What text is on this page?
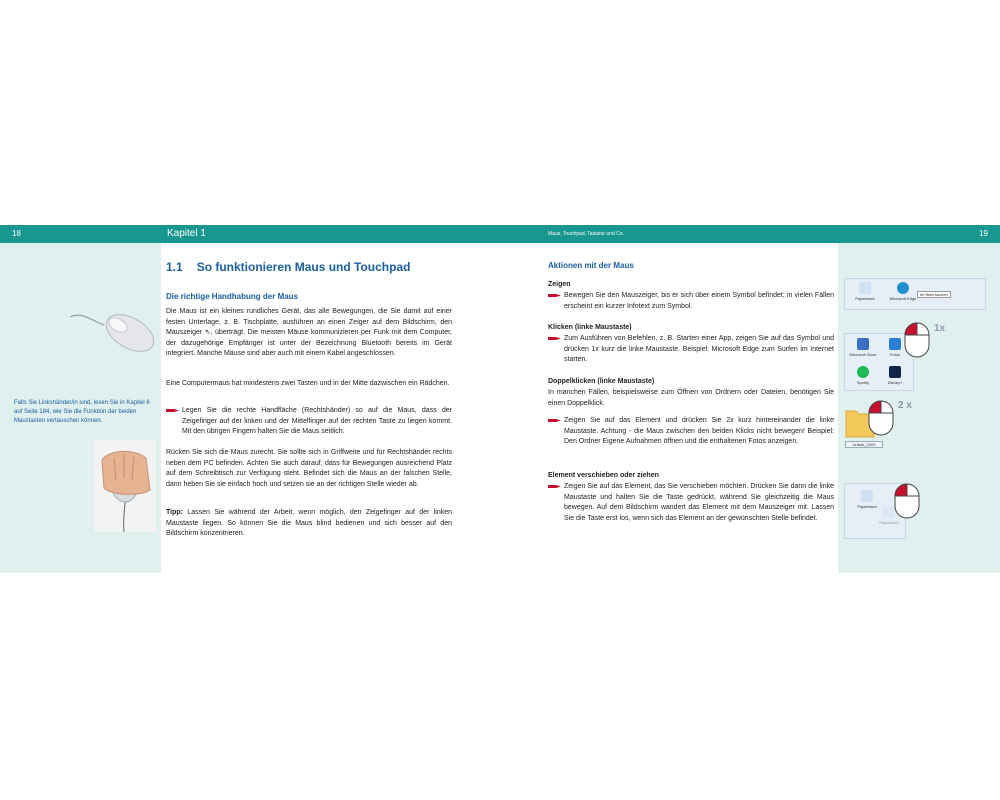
18	Kapitel 1	Maus, Touchpad, Tastatur und Co.	19
Falls Sie Linkshänder/in sind, lesen Sie in Kapitel 6 auf Seite 184, wie Sie die Funktion der beiden Maustasten vertauschen können.
1.1 So funktionieren Maus und Touchpad
Die richtige Handhabung der Maus
Die Maus ist ein kleines rundliches Gerät, das alle Bewegungen, die Sie damit auf einer festen Unterlage, z. B. Tischplatte, ausführen an einen Zeiger auf dem Bildschirm, den Mauszeiger ⇖, überträgt. Die meisten Mäuse kommunizieren per Funk mit dem Computer, der dazugehörige Empfänger ist unter der Bezeichnung Bluetooth bereits im Gerät integriert. Manche Mäuse sind aber auch mit einem Kabel angeschlossen.
Eine Computermaus hat mindestens zwei Tasten und in der Mitte dazwischen ein Rädchen.
Legen Sie die rechte Handfläche (Rechtshänder) so auf die Maus, dass der Zeigefinger auf der linken und der Mittelfinger auf der rechten Taste zu liegen kommt. Mit den übrigen Fingern halten Sie die Maus seitlich.
Rücken Sie sich die Maus zurecht. Sie sollte sich in Griffweite und für Rechtshänder rechts neben dem PC befinden. Achten Sie auch darauf, dass für Bewegungen ausreichend Platz auf dem Schreibtisch zur Verfügung steht. Befindet sich die Maus an der falschen Stelle, dann heben Sie sie einfach hoch und setzen sie an der richtigen Stelle wieder ab.
Tipp: Lassen Sie während der Arbeit, wenn möglich, den Zeigefinger auf der linken Maustaste liegen. So können Sie die Maus blind bedienen und sich besser auf den Bildschirm konzentrieren.
Aktionen mit der Maus
Zeigen
Bewegen Sie den Mauszeiger, bis er sich über einem Symbol befindet; in vielen Fällen erscheint ein kurzer Infotext zum Symbol.
Klicken (linke Maustaste)
Zum Ausführen von Befehlen, z. B. Starten einer App, zeigen Sie auf das Symbol und drücken 1x kurz die linke Maustaste. Beispiel: Microsoft Edge zum Surfen im Internet starten.
Doppelklicken (linke Maustaste)
In manchen Fällen, beispielsweise zum Öffnen von Ordnern oder Dateien, benötigen Sie einen Doppelklick.
Zeigen Sie auf das Element und drücken Sie 2x kurz hintereinander die linke Maustaste. Achtung - die Maus zwischen den beiden Klicks nicht bewegen! Beispiel: Den Ordner Eigene Aufnahmen öffnen und die enthaltenen Fotos anzeigen.
Element verschieben oder ziehen
Zeigen Sie auf das Element, das Sie verschieben möchten. Drücken Sie dann die linke Maustaste und halten Sie die Taste gedrückt, während Sie gleichzeitig die Maus bewegen. Auf dem Bildschirm wandert das Element mit dem Mauszeiger mit. Lassen Sie die Taste erst los, wenn sich das Element an der gewünschten Stelle befindet.
Papierkorb	Microsoft Edge
Im Web suchen
Microsoft Store	Fotos
Spotify	Disney+
1x
Urlaub_2023
2 x
Papierkorb
Papierkorb
